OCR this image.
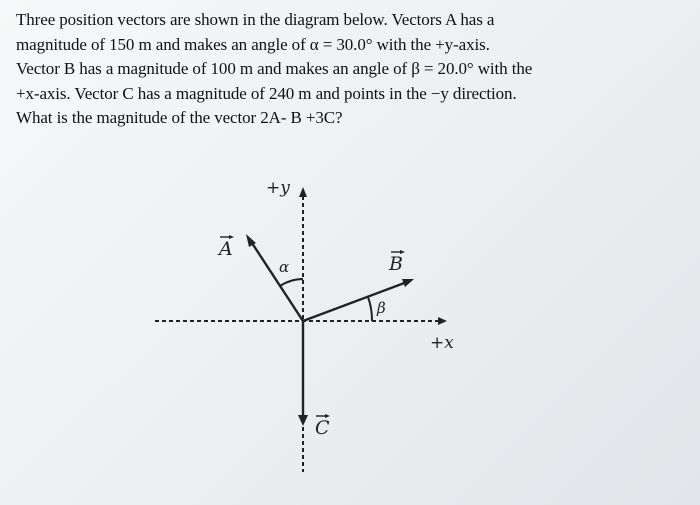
Three position vectors are shown in the diagram below. Vectors A has a
magnitude of 150 m and makes an angle of α = 30.0° with the +y-axis.
Vector B has a magnitude of 100 m and makes an angle of β = 20.0° with the
+x-axis. Vector C has a magnitude of 240 m and points in the −y direction.
What is the magnitude of the vector 2A- B +3C?
+y
+x
A
B
C
α
β
